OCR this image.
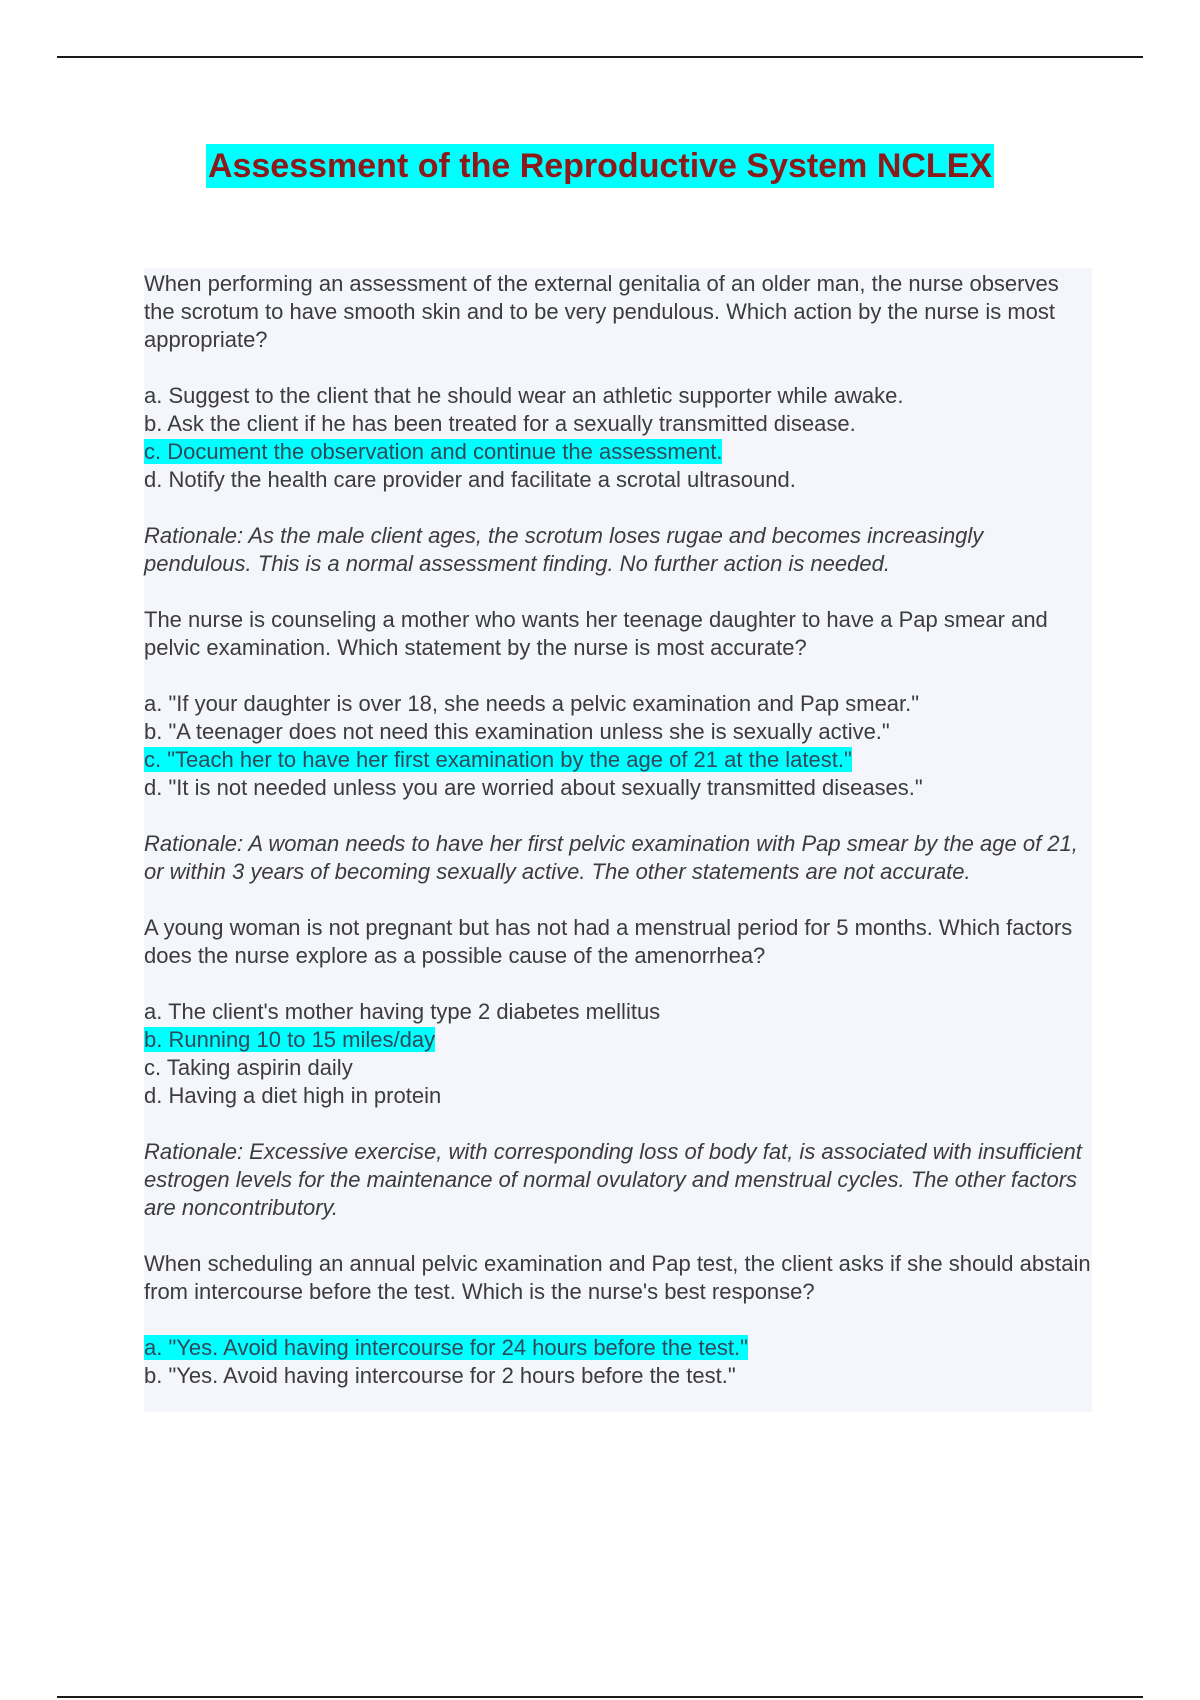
Assessment of the Reproductive System NCLEX
When performing an assessment of the external genitalia of an older man, the nurse observes the scrotum to have smooth skin and to be very pendulous. Which action by the nurse is most appropriate?
a. Suggest to the client that he should wear an athletic supporter while awake.
b. Ask the client if he has been treated for a sexually transmitted disease.
c. Document the observation and continue the assessment.
d. Notify the health care provider and facilitate a scrotal ultrasound.
Rationale: As the male client ages, the scrotum loses rugae and becomes increasingly pendulous. This is a normal assessment finding. No further action is needed.
The nurse is counseling a mother who wants her teenage daughter to have a Pap smear and pelvic examination. Which statement by the nurse is most accurate?
a. "If your daughter is over 18, she needs a pelvic examination and Pap smear."
b. "A teenager does not need this examination unless she is sexually active."
c. "Teach her to have her first examination by the age of 21 at the latest."
d. "It is not needed unless you are worried about sexually transmitted diseases."
Rationale: A woman needs to have her first pelvic examination with Pap smear by the age of 21, or within 3 years of becoming sexually active. The other statements are not accurate.
A young woman is not pregnant but has not had a menstrual period for 5 months. Which factors does the nurse explore as a possible cause of the amenorrhea?
a. The client's mother having type 2 diabetes mellitus
b. Running 10 to 15 miles/day
c. Taking aspirin daily
d. Having a diet high in protein
Rationale: Excessive exercise, with corresponding loss of body fat, is associated with insufficient estrogen levels for the maintenance of normal ovulatory and menstrual cycles. The other factors are noncontributory.
When scheduling an annual pelvic examination and Pap test, the client asks if she should abstain from intercourse before the test. Which is the nurse's best response?
a. "Yes. Avoid having intercourse for 24 hours before the test."
b. "Yes. Avoid having intercourse for 2 hours before the test."
